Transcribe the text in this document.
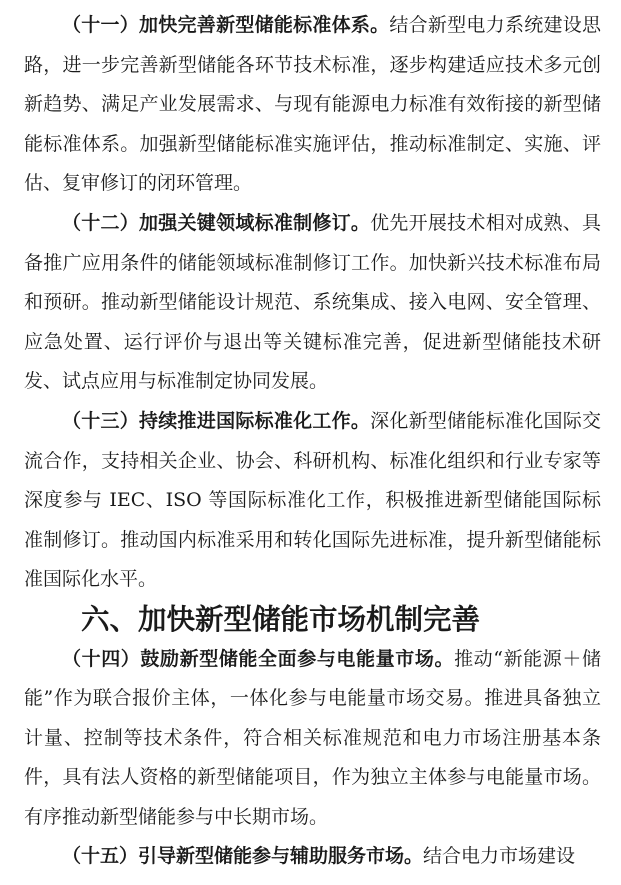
（十一）加快完善新型储能标准体系。结合新型电力系统建设思路，进一步完善新型储能各环节技术标准，逐步构建适应技术多元创新趋势、满足产业发展需求、与现有能源电力标准有效衔接的新型储能标准体系。加强新型储能标准实施评估，推动标准制定、实施、评估、复审修订的闭环管理。

（十二）加强关键领域标准制修订。优先开展技术相对成熟、具备推广应用条件的储能领域标准制修订工作。加快新兴技术标准布局和预研。推动新型储能设计规范、系统集成、接入电网、安全管理、应急处置、运行评价与退出等关键标准完善，促进新型储能技术研发、试点应用与标准制定协同发展。

（十三）持续推进国际标准化工作。深化新型储能标准化国际交流合作，支持相关企业、协会、科研机构、标准化组织和行业专家等深度参与 IEC、ISO 等国际标准化工作，积极推进新型储能国际标准制修订。推动国内标准采用和转化国际先进标准，提升新型储能标准国际化水平。

六、加快新型储能市场机制完善

（十四）鼓励新型储能全面参与电能量市场。推动“新能源＋储能”作为联合报价主体，一体化参与电能量市场交易。推进具备独立计量、控制等技术条件，符合相关标准规范和电力市场注册基本条件，具有法人资格的新型储能项目，作为独立主体参与电能量市场。有序推动新型储能参与中长期市场。

（十五）引导新型储能参与辅助服务市场。结合电力市场建设
